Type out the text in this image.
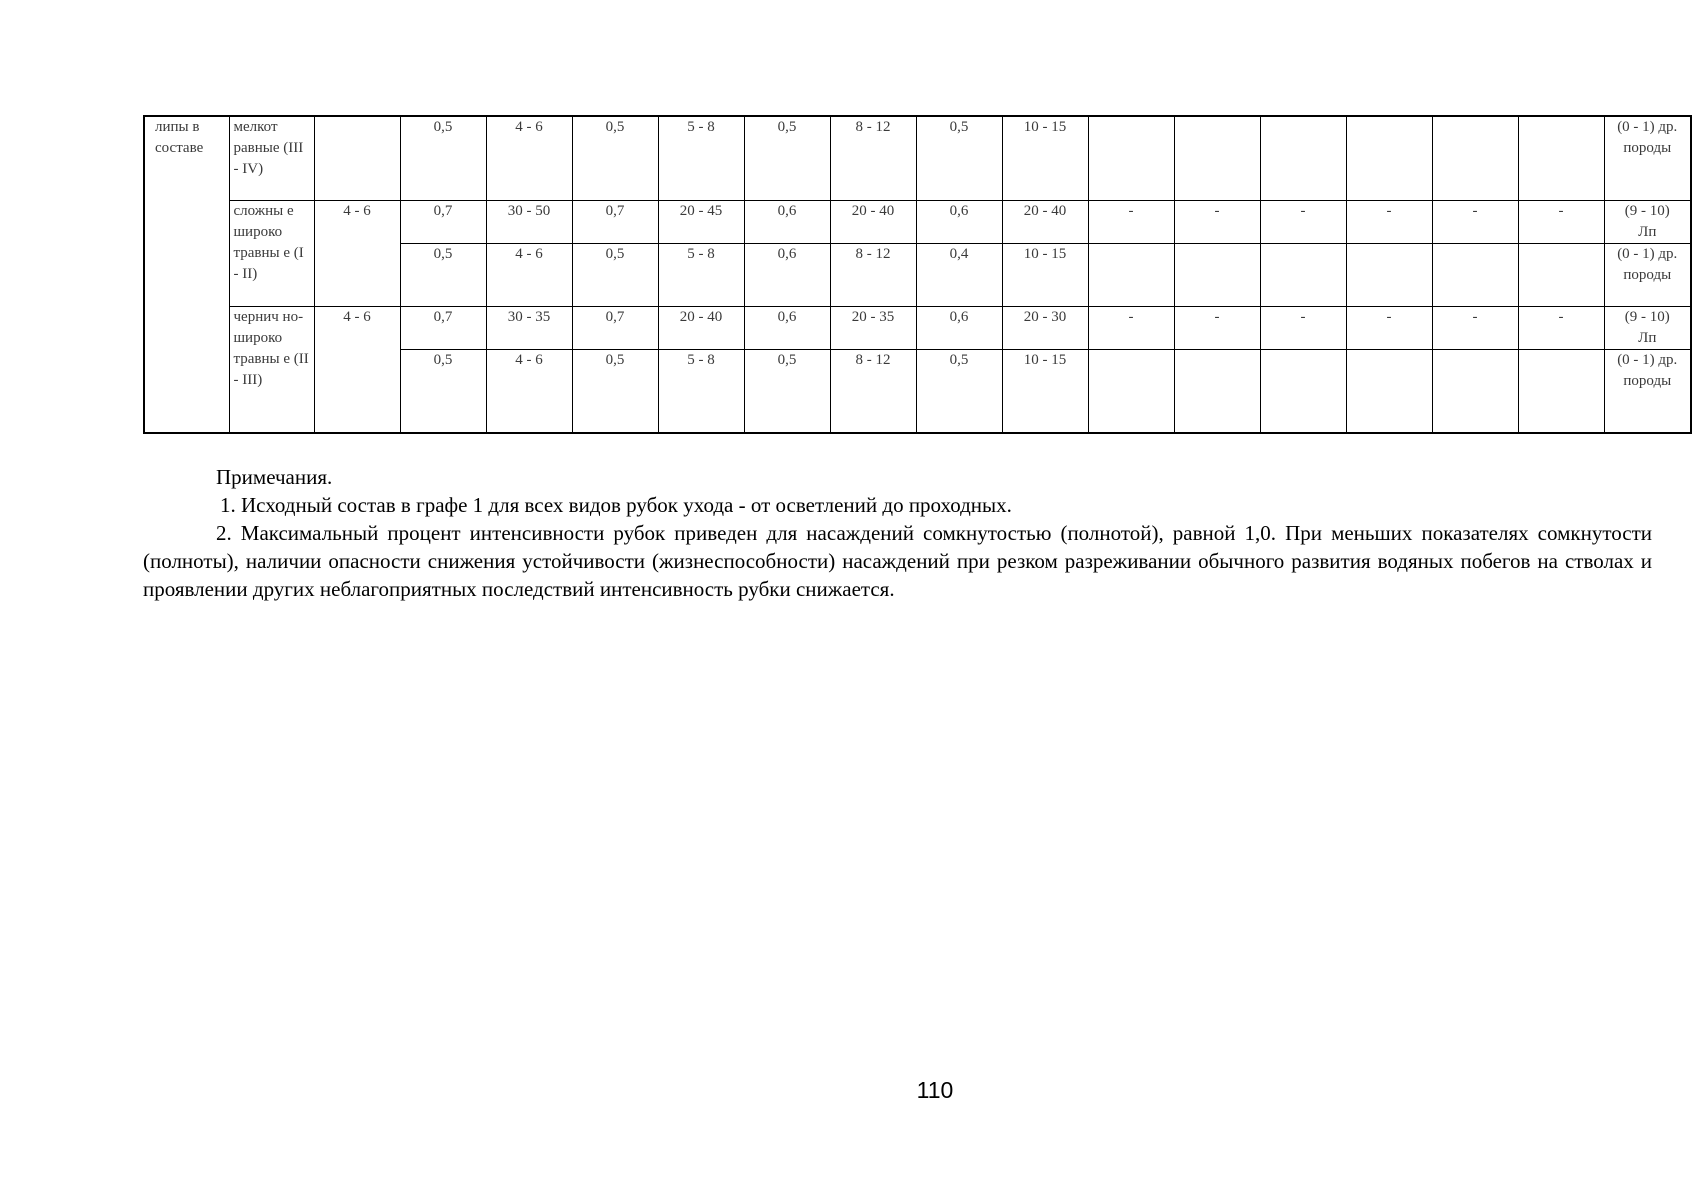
липы в составе	мелкот равные (III - IV)		0,5	4 - 6	0,5	5 - 8	0,5	8 - 12	0,5	10 - 15							(0 - 1) др. породы
	сложны е широко травны е (I - II)	4 - 6	0,7	30 - 50	0,7	20 - 45	0,6	20 - 40	0,6	20 - 40	-	-	-	-	-	-	(9 - 10) Лп
			0,5	4 - 6	0,5	5 - 8	0,6	8 - 12	0,4	10 - 15							(0 - 1) др. породы
	чернич но- широко травны е (II - III)	4 - 6	0,7	30 - 35	0,7	20 - 40	0,6	20 - 35	0,6	20 - 30	-	-	-	-	-	-	(9 - 10) Лп
			0,5	4 - 6	0,5	5 - 8	0,5	8 - 12	0,5	10 - 15							(0 - 1) др. породы

Примечания.

1. Исходный состав в графе 1 для всех видов рубок ухода - от осветлений до проходных.

2. Максимальный процент интенсивности рубок приведен для насаждений сомкнутостью (полнотой), равной 1,0. При меньших показателях сомкнутости (полноты), наличии опасности снижения устойчивости (жизнеспособности) насаждений при резком разреживании обычного развития водяных побегов на стволах и проявлении других неблагоприятных последствий интенсивность рубки снижается.

110
